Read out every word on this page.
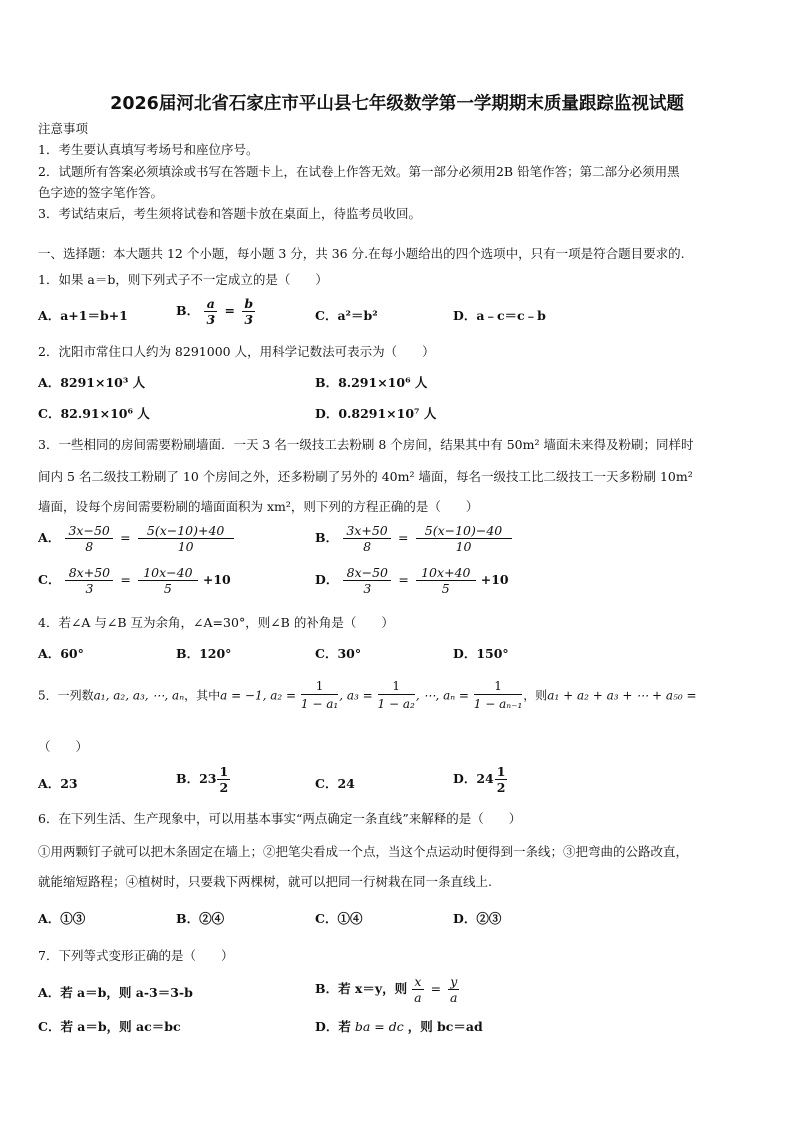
2026届河北省石家庄市平山县七年级数学第一学期期末质量跟踪监视试题
注意事项
1．考生要认真填写考场号和座位序号。
2．试题所有答案必须填涂或书写在答题卡上，在试卷上作答无效。第一部分必须用2B 铅笔作答；第二部分必须用黑
色字迹的签字笔作答。
3．考试结束后，考生须将试卷和答题卡放在桌面上，待监考员收回。
一、选择题：本大题共 12 个小题，每小题 3 分，共 36 分.在每小题给出的四个选项中，只有一项是符合题目要求的.
1．如果 a＝b，则下列式子不一定成立的是（　　）
A．a+1＝b+1	B． $\frac{a}{3} = \frac{b}{3}$	C．a²＝b²	D．a﹣c＝c﹣b
2．沈阳市常住口人约为 8291000 人，用科学记数法可表示为（　　）
A．8291×10³ 人	B．8.291×10⁶ 人
C．82.91×10⁶ 人	D．0.8291×10⁷ 人
3．一些相同的房间需要粉刷墙面．一天 3 名一级技工去粉刷 8 个房间，结果其中有 50m² 墙面未来得及粉刷；同样时
间内 5 名二级技工粉刷了 10 个房间之外，还多粉刷了另外的 40m² 墙面，每名一级技工比二级技工一天多粉刷 10m²
墙面，设每个房间需要粉刷的墙面面积为 xm²，则下列的方程正确的是（　　）
A． $\frac{3x-50}{8} = \frac{5(x-10)+40}{10}$	B． $\frac{3x+50}{8} = \frac{5(x-10)-40}{10}$
C． $\frac{8x+50}{3} = \frac{10x-40}{5} +10$	D． $\frac{8x-50}{3} = \frac{10x+40}{5} +10$
4．若∠A 与∠B 互为余角，∠A=30°，则∠B 的补角是（　　）
A．60°	B．120°	C．30°	D．150°
5．一列数a₁, a₂, a₃, ⋯, aₙ，其中a = −1, $a_2 = \frac{1}{\text{1 − a₁}}$, $a_3 = \frac{1}{\text{1 − a₂}}$, ⋯, $a_n = \frac{1}{\text{1 − aₙ₋₁}}$，则a₁ + a₂ + a₃ + ⋯ + a₅₀ =
（　　）
A．23	B．$23 \frac{1}{2}$	C．24	D．$24 \frac{1}{2}$
6．在下列生活、生产现象中，可以用基本事实“两点确定一条直线”来解释的是（　　）
①用两颗钉子就可以把木条固定在墙上；②把笔尖看成一个点，当这个点运动时便得到一条线；③把弯曲的公路改直，
就能缩短路程；④植树时，只要栽下两棵树，就可以把同一行树栽在同一条直线上.
A．①③	B．②④	C．①④	D．②③
7．下列等式变形正确的是（　　）
A．若 a＝b，则 a-3＝3-b	B．若 x＝y，则 $\frac{x}{a} = \frac{y}{a}$
C．若 a＝b，则 ac＝bc	D．若 ba = dc ，则 bc＝ad
